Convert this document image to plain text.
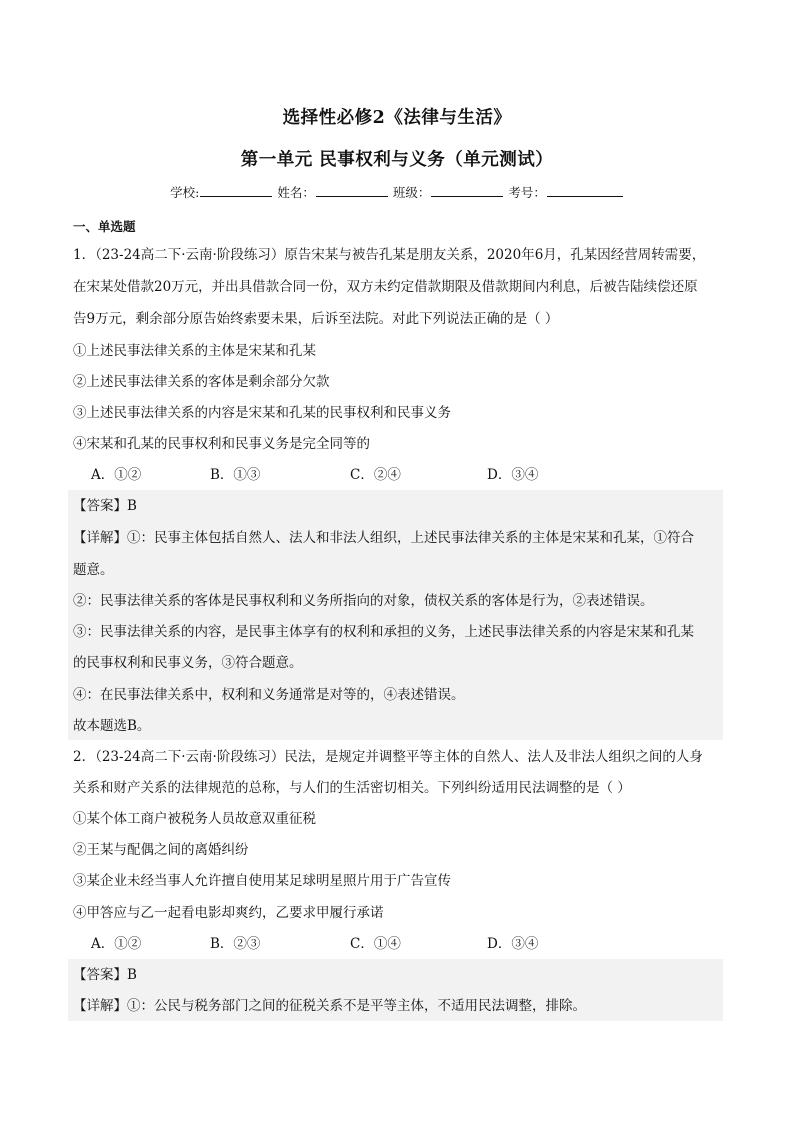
选择性必修2《法律与生活》
第一单元 民事权利与义务（单元测试）
学校:	姓名：	班级：	考号：
一、单选题
1．（23-24高二下·云南·阶段练习）原告宋某与被告孔某是朋友关系，2020年6月，孔某因经营周转需要，
在宋某处借款20万元，并出具借款合同一份，双方未约定借款期限及借款期间内利息，后被告陆续偿还原
告9万元，剩余部分原告始终索要未果，后诉至法院。对此下列说法正确的是（ ）
①上述民事法律关系的主体是宋某和孔某
②上述民事法律关系的客体是剩余部分欠款
③上述民事法律关系的内容是宋某和孔某的民事权利和民事义务
④宋某和孔某的民事权利和民事义务是完全同等的
A．①②	B．①③	C．②④	D．③④
【答案】B
【详解】①：民事主体包括自然人、法人和非法人组织，上述民事法律关系的主体是宋某和孔某，①符合
题意。
②：民事法律关系的客体是民事权利和义务所指向的对象，债权关系的客体是行为，②表述错误。
③：民事法律关系的内容，是民事主体享有的权利和承担的义务，上述民事法律关系的内容是宋某和孔某
的民事权利和民事义务，③符合题意。
④：在民事法律关系中，权利和义务通常是对等的，④表述错误。
故本题选B。
2．（23-24高二下·云南·阶段练习）民法，是规定并调整平等主体的自然人、法人及非法人组织之间的人身
关系和财产关系的法律规范的总称，与人们的生活密切相关。下列纠纷适用民法调整的是（ ）
①某个体工商户被税务人员故意双重征税
②王某与配偶之间的离婚纠纷
③某企业未经当事人允许擅自使用某足球明星照片用于广告宣传
④甲答应与乙一起看电影却爽约，乙要求甲履行承诺
A．①②	B．②③	C．①④	D．③④
【答案】B
【详解】①：公民与税务部门之间的征税关系不是平等主体，不适用民法调整，排除。
